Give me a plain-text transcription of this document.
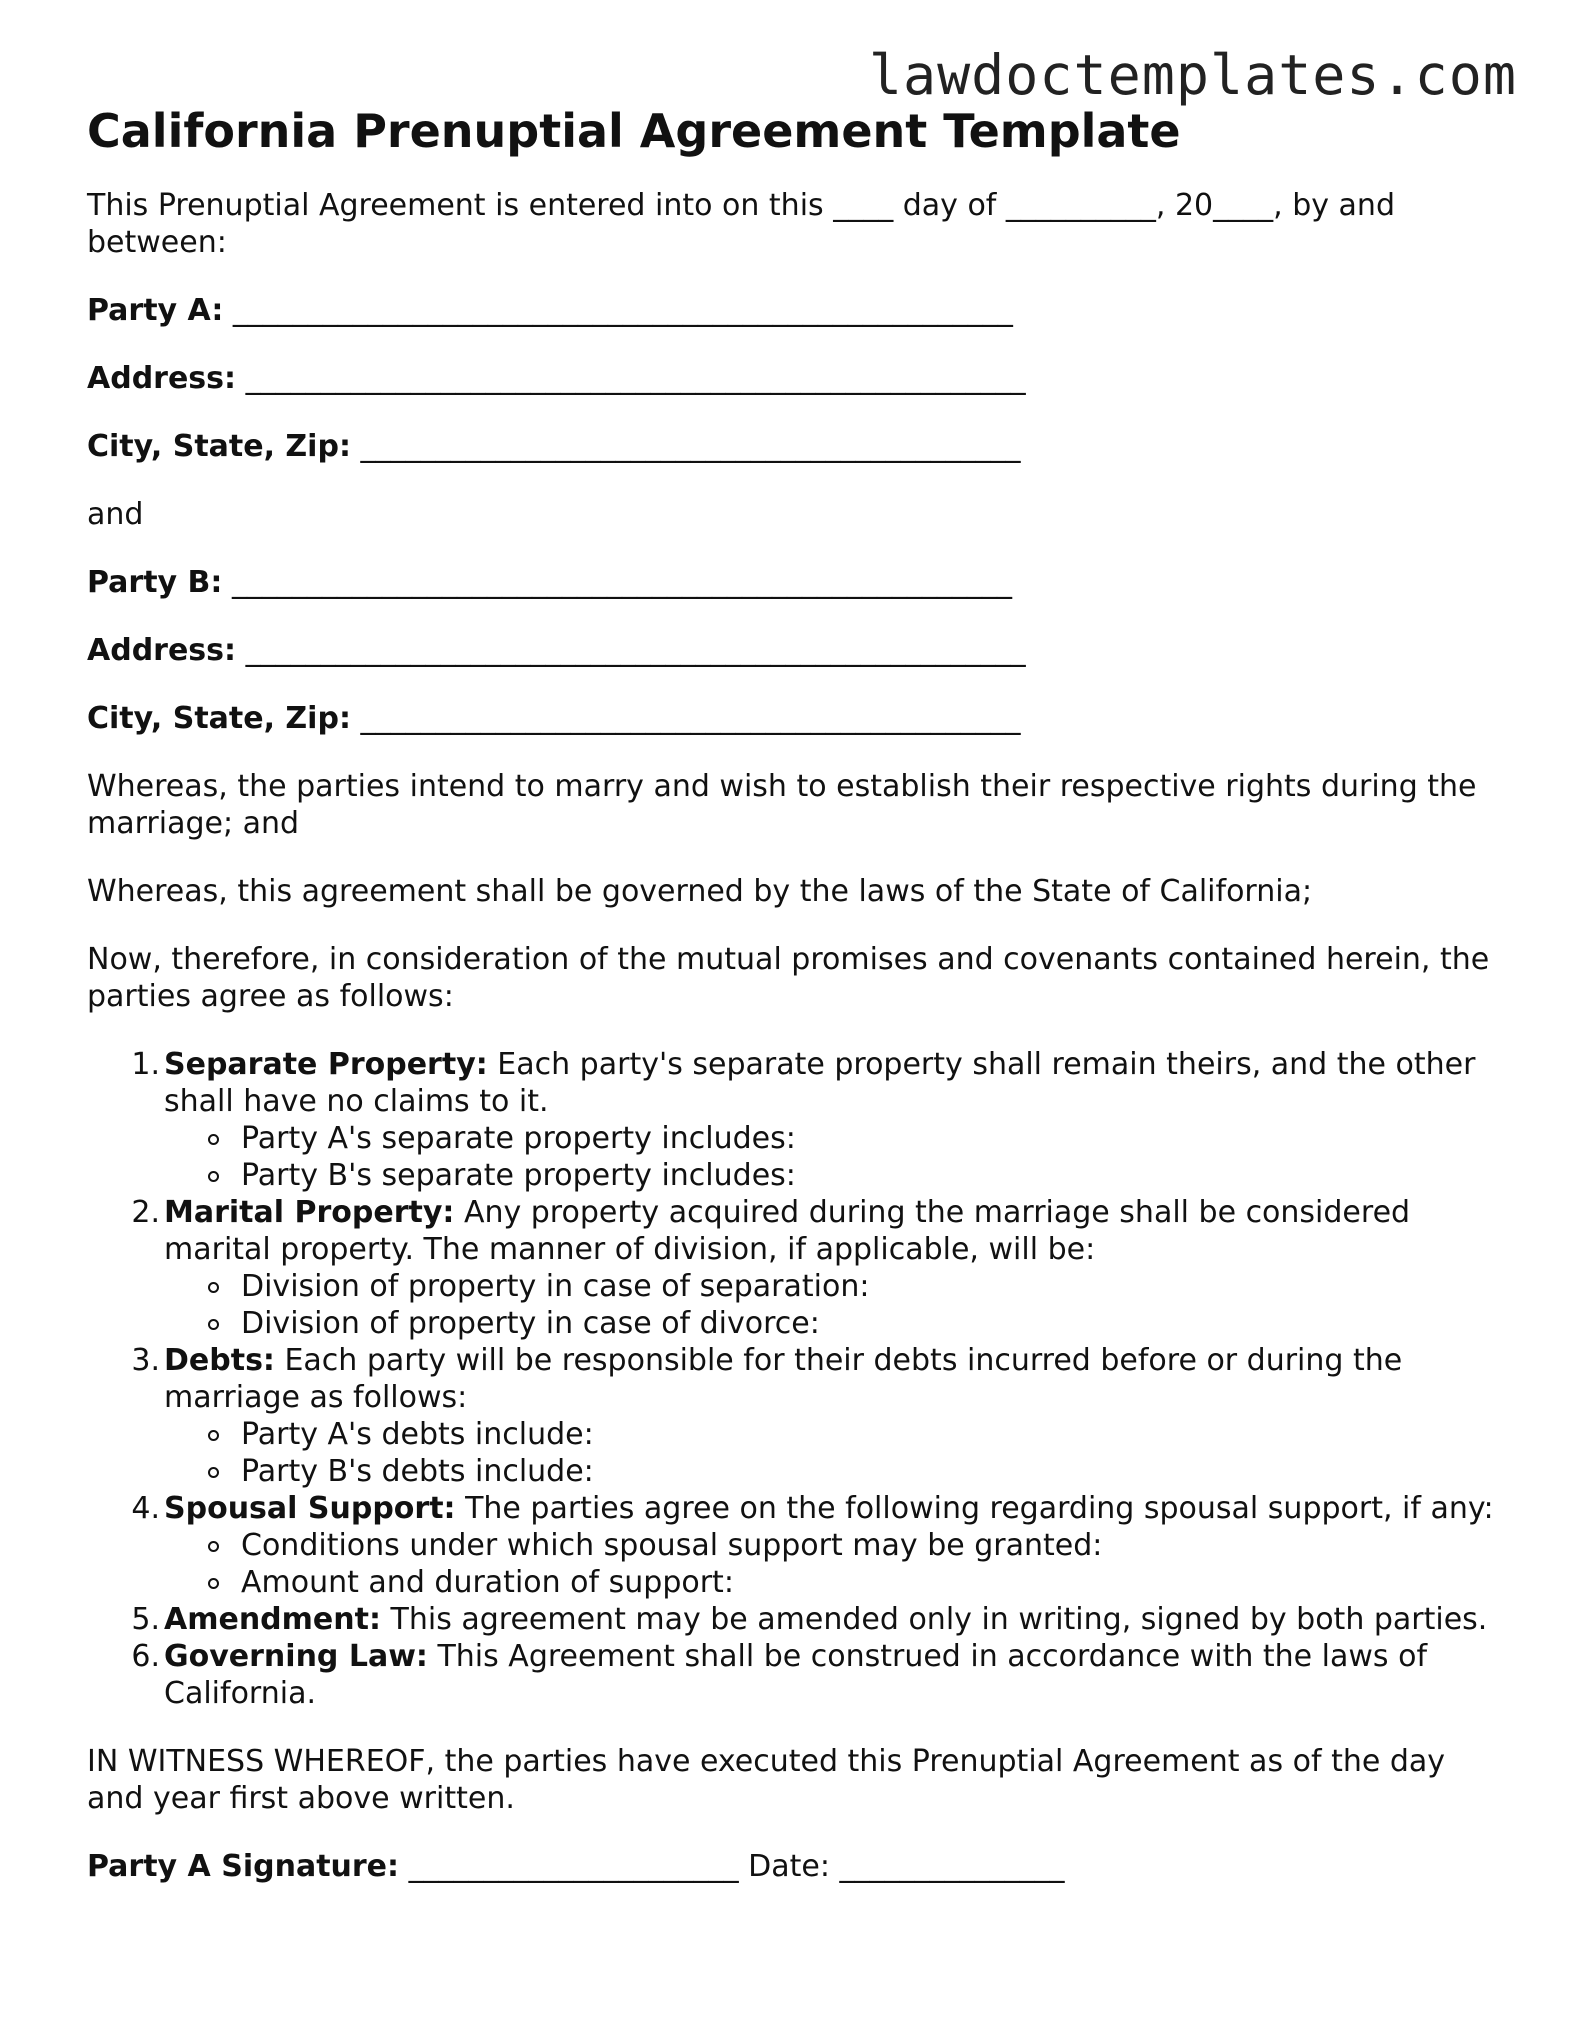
lawdoctemplates.com
California Prenuptial Agreement Template

This Prenuptial Agreement is entered into on this ____ day of __________, 20____, by and between:

Party A: ____________________________________________________

Address: ____________________________________________________

City, State, Zip: ____________________________________________

and

Party B: ____________________________________________________

Address: ____________________________________________________

City, State, Zip: ____________________________________________

Whereas, the parties intend to marry and wish to establish their respective rights during the marriage; and

Whereas, this agreement shall be governed by the laws of the State of California;

Now, therefore, in consideration of the mutual promises and covenants contained herein, the parties agree as follows:

1. Separate Property: Each party's separate property shall remain theirs, and the other shall have no claims to it.
Party A's separate property includes:
Party B's separate property includes:
2. Marital Property: Any property acquired during the marriage shall be considered marital property. The manner of division, if applicable, will be:
Division of property in case of separation:
Division of property in case of divorce:
3. Debts: Each party will be responsible for their debts incurred before or during the marriage as follows:
Party A's debts include:
Party B's debts include:
4. Spousal Support: The parties agree on the following regarding spousal support, if any:
Conditions under which spousal support may be granted:
Amount and duration of support:
5. Amendment: This agreement may be amended only in writing, signed by both parties.
6. Governing Law: This Agreement shall be construed in accordance with the laws of California.

IN WITNESS WHEREOF, the parties have executed this Prenuptial Agreement as of the day and year first above written.

Party A Signature: ______________________ Date: _______________
